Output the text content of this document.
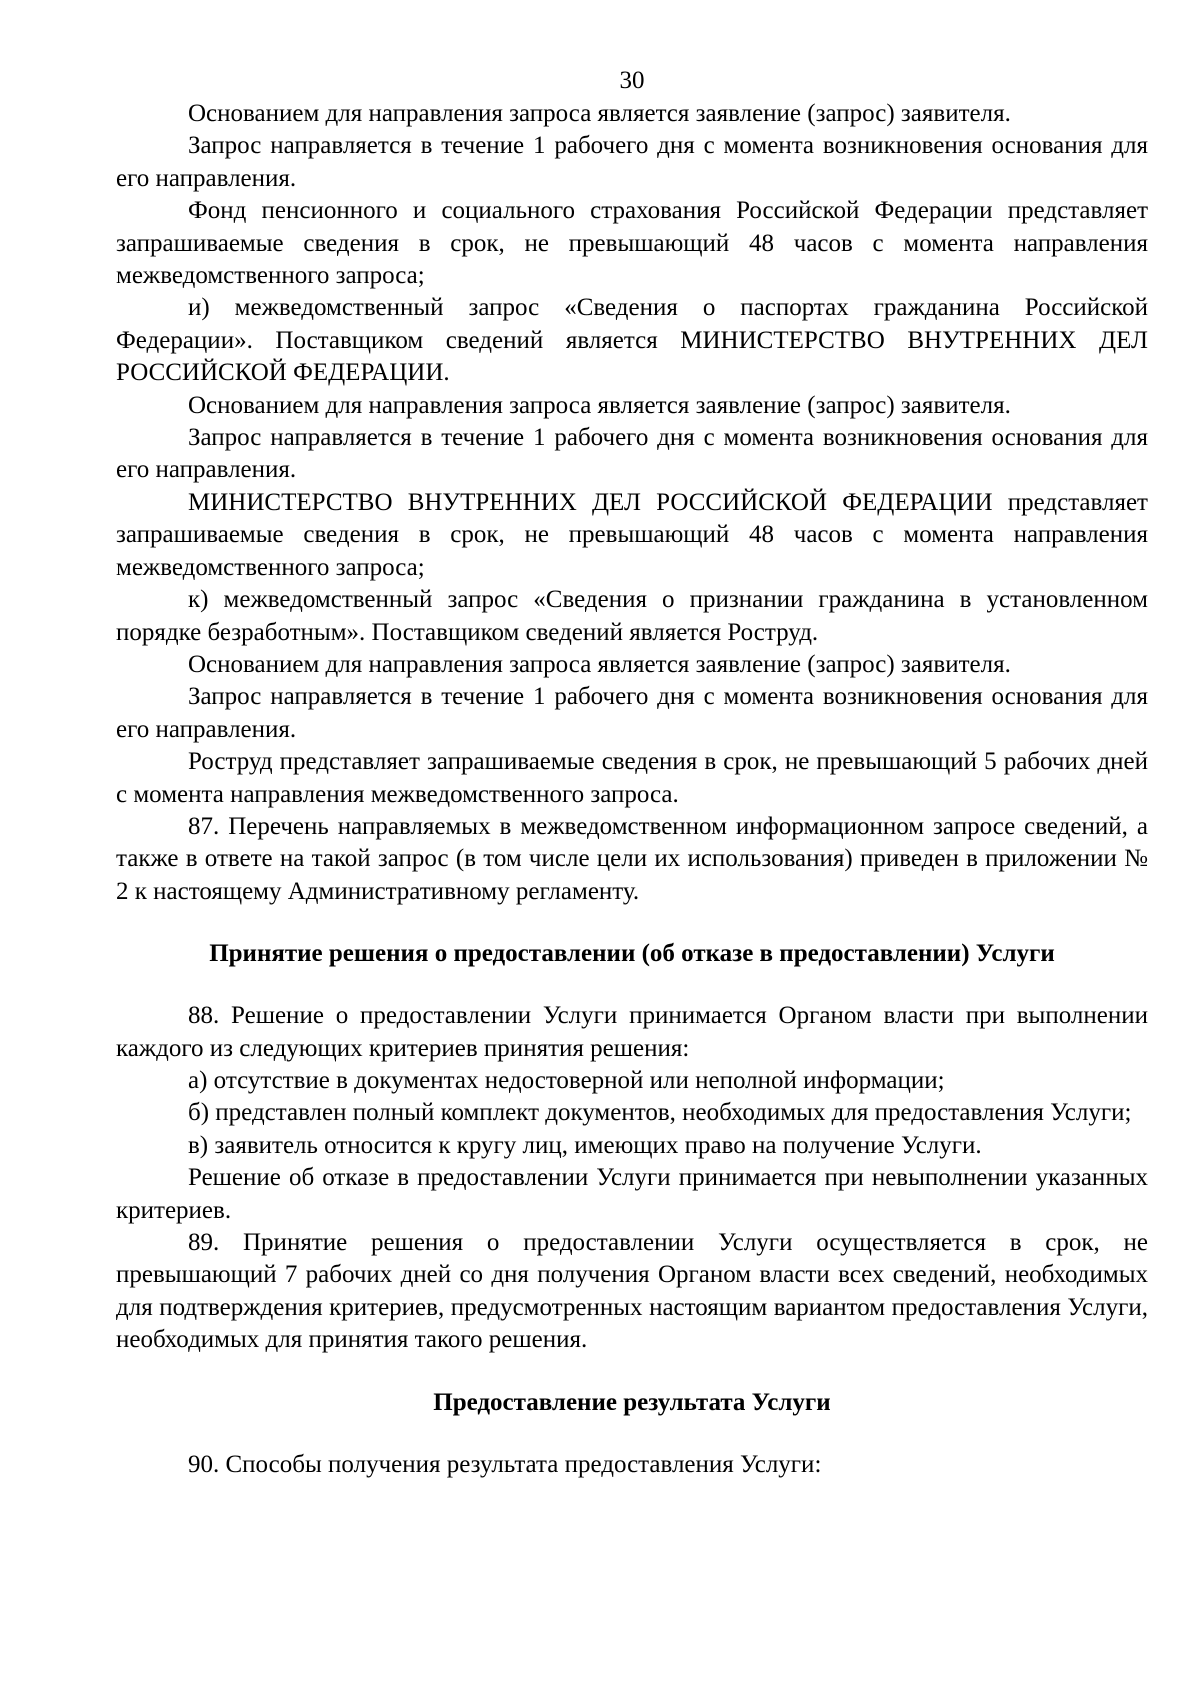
30

Основанием для направления запроса является заявление (запрос) заявителя.

Запрос направляется в течение 1 рабочего дня с момента возникновения основания для его направления.

Фонд пенсионного и социального страхования Российской Федерации представляет запрашиваемые сведения в срок, не превышающий 48 часов с момента направления межведомственного запроса;

и) межведомственный запрос «Сведения о паспортах гражданина Российской Федерации». Поставщиком сведений является МИНИСТЕРСТВО ВНУТРЕННИХ ДЕЛ РОССИЙСКОЙ ФЕДЕРАЦИИ.

Основанием для направления запроса является заявление (запрос) заявителя.

Запрос направляется в течение 1 рабочего дня с момента возникновения основания для его направления.

МИНИСТЕРСТВО ВНУТРЕННИХ ДЕЛ РОССИЙСКОЙ ФЕДЕРАЦИИ представляет запрашиваемые сведения в срок, не превышающий 48 часов с момента направления межведомственного запроса;

к) межведомственный запрос «Сведения о признании гражданина в установленном порядке безработным». Поставщиком сведений является Роструд.

Основанием для направления запроса является заявление (запрос) заявителя.

Запрос направляется в течение 1 рабочего дня с момента возникновения основания для его направления.

Роструд представляет запрашиваемые сведения в срок, не превышающий 5 рабочих дней с момента направления межведомственного запроса.

87. Перечень направляемых в межведомственном информационном запросе сведений, а также в ответе на такой запрос (в том числе цели их использования) приведен в приложении № 2 к настоящему Административному регламенту.

Принятие решения о предоставлении (об отказе в предоставлении) Услуги

88. Решение о предоставлении Услуги принимается Органом власти при выполнении каждого из следующих критериев принятия решения:

а) отсутствие в документах недостоверной или неполной информации;

б) представлен полный комплект документов, необходимых для предоставления Услуги;

в) заявитель относится к кругу лиц, имеющих право на получение Услуги.

Решение об отказе в предоставлении Услуги принимается при невыполнении указанных критериев.

89. Принятие решения о предоставлении Услуги осуществляется в срок, не превышающий 7 рабочих дней со дня получения Органом власти всех сведений, необходимых для подтверждения критериев, предусмотренных настоящим вариантом предоставления Услуги, необходимых для принятия такого решения.

Предоставление результата Услуги

90. Способы получения результата предоставления Услуги:
